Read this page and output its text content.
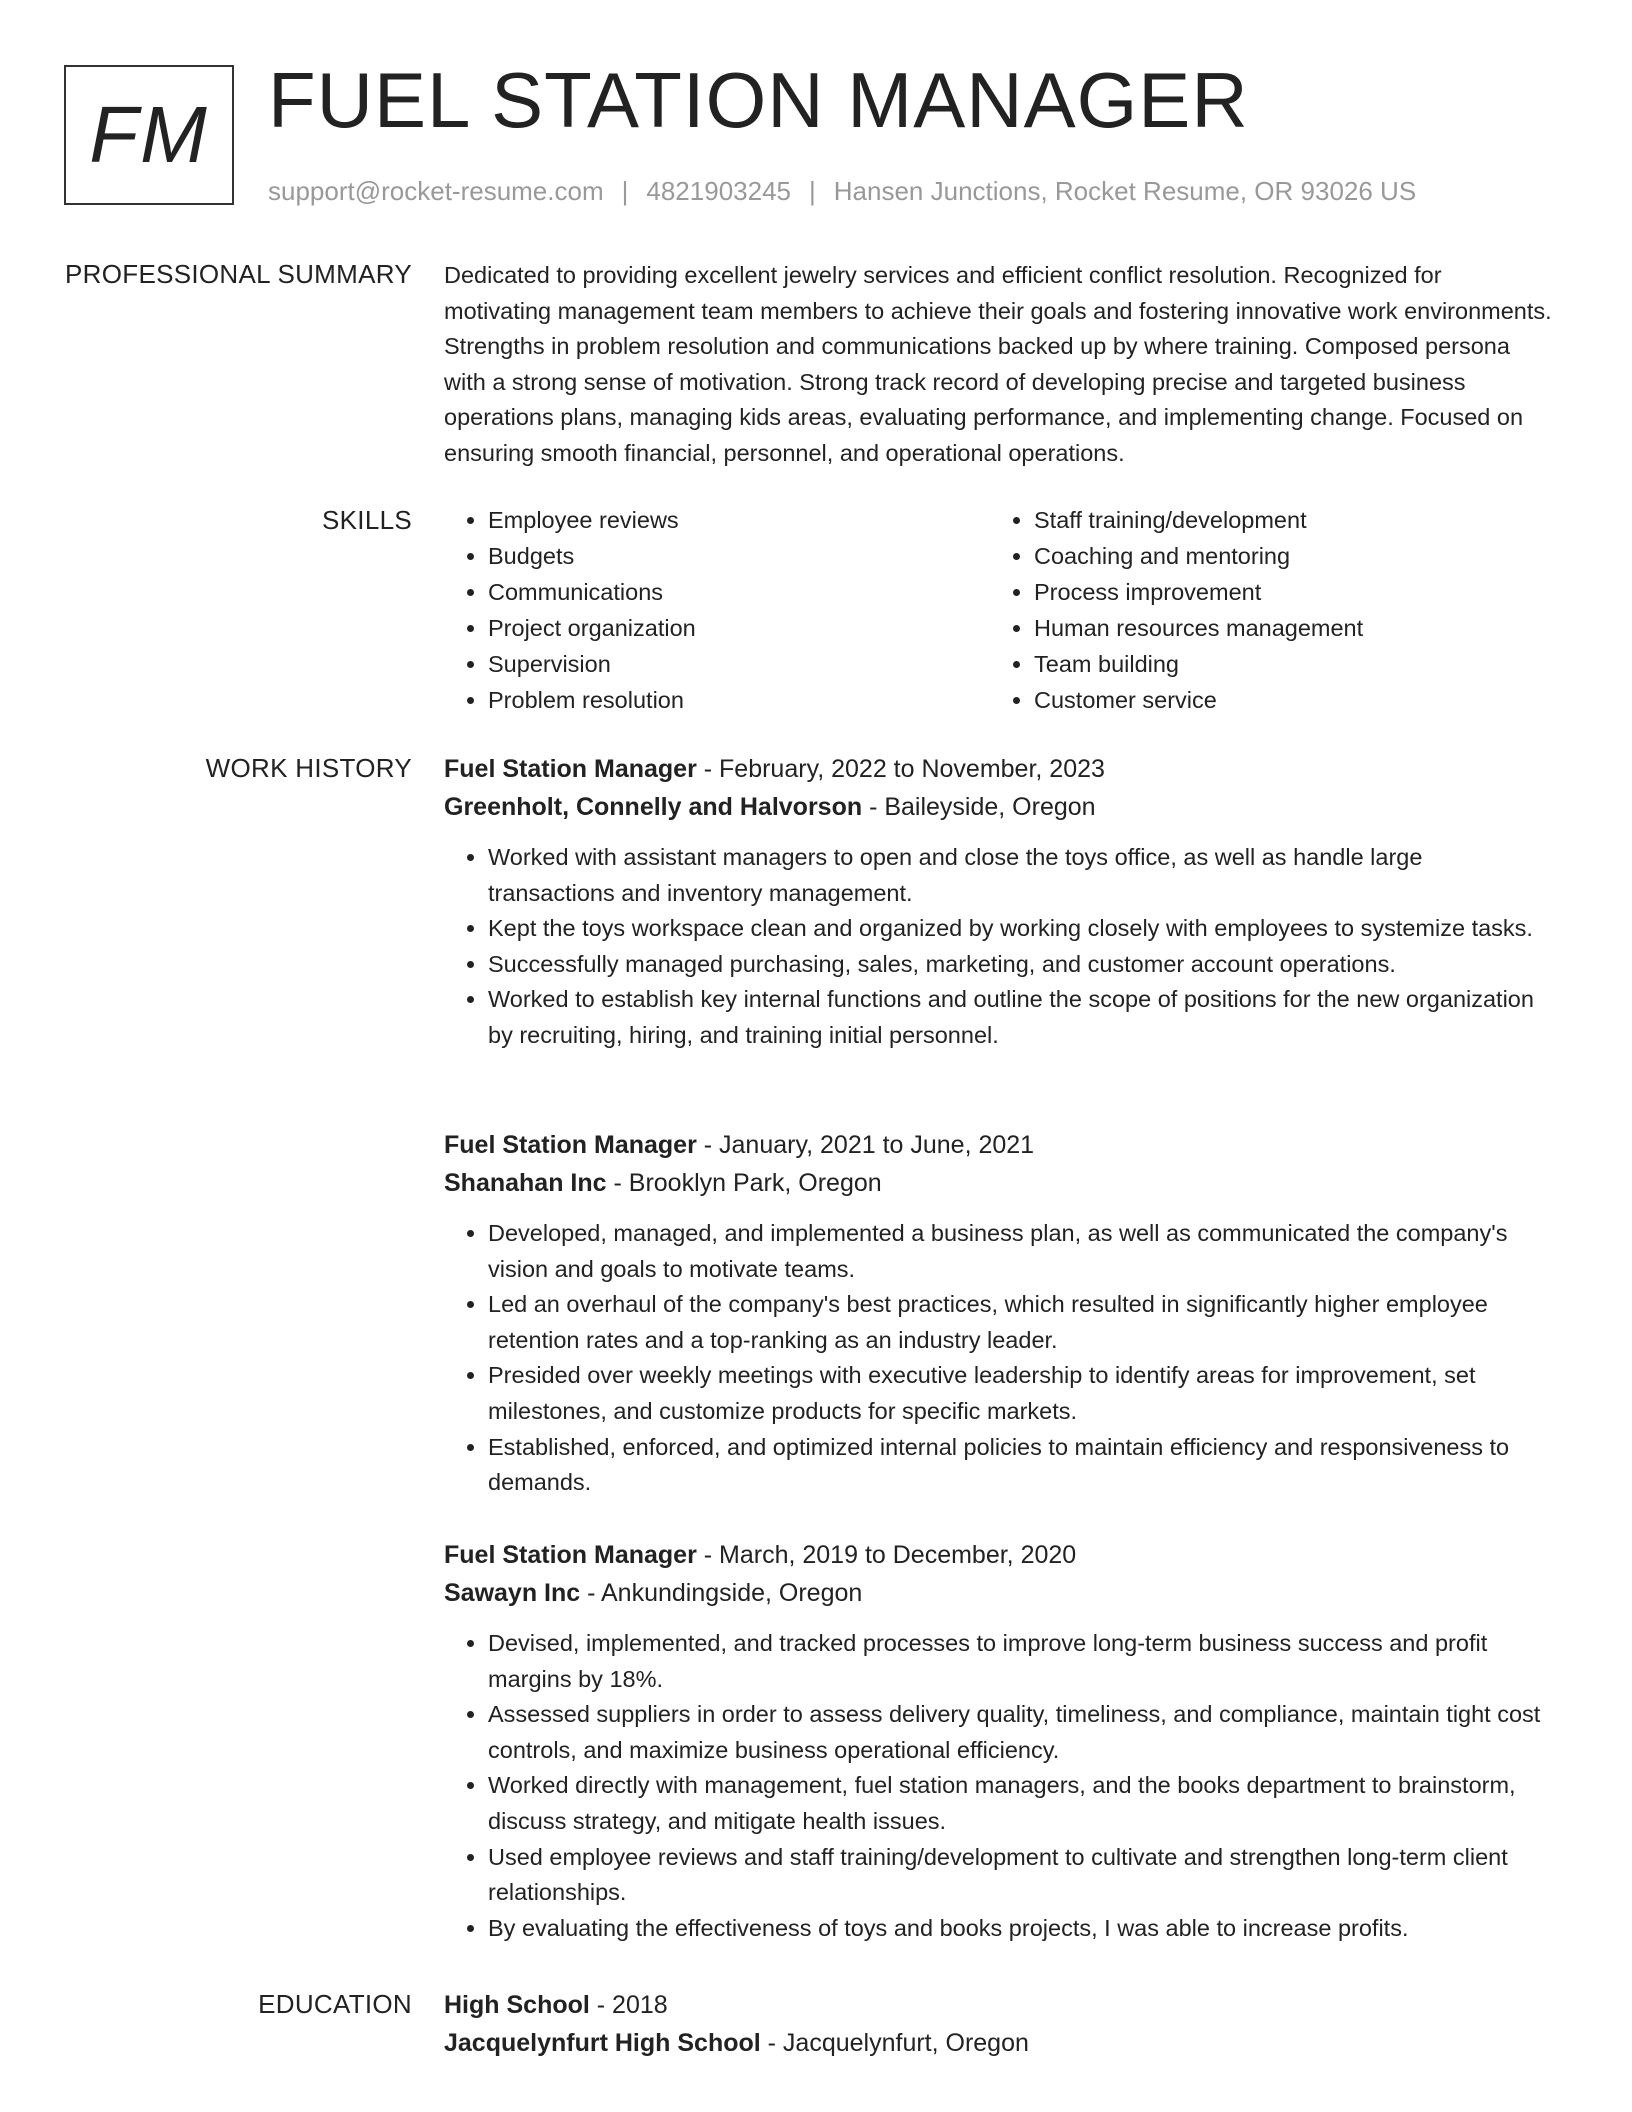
FM FUEL STATION MANAGER
support@rocket-resume.com | 4821903245 | Hansen Junctions, Rocket Resume, OR 93026 US
PROFESSIONAL SUMMARY Dedicated to providing excellent jewelry services and efficient conflict resolution. Recognized for motivating management team members to achieve their goals and fostering innovative work environments. Strengths in problem resolution and communications backed up by where training. Composed persona with a strong sense of motivation. Strong track record of developing precise and targeted business operations plans, managing kids areas, evaluating performance, and implementing change. Focused on ensuring smooth financial, personnel, and operational operations.

SKILLS
•	Employee reviews
• Budgets
• Communications
• Project organization
• Supervision
• Problem resolution
• Staff training/development
• Coaching and mentoring
• Process improvement
• Human resources management
• Team building
• Customer service
WORK HISTORY Fuel Station Manager - February, 2022 to November, 2023
Greenholt, Connelly and Halvorson - Baileyside, Oregon
• Worked with assistant managers to open and close the toys office, as well as handle large transactions and inventory management.
• Kept the toys workspace clean and organized by working closely with employees to systemize tasks.
• Successfully managed purchasing, sales, marketing, and customer account operations.
• Worked to establish key internal functions and outline the scope of positions for the new organization by recruiting, hiring, and training initial personnel.
Fuel Station Manager - January, 2021 to June, 2021
Shanahan Inc - Brooklyn Park, Oregon
• Developed, managed, and implemented a business plan, as well as communicated the company's vision and goals to motivate teams.
• Led an overhaul of the company's best practices, which resulted in significantly higher employee retention rates and a top-ranking as an industry leader.
• Presided over weekly meetings with executive leadership to identify areas for improvement, set milestones, and customize products for specific markets.
• Established, enforced, and optimized internal policies to maintain efficiency and responsiveness to demands.
Fuel Station Manager - March, 2019 to December, 2020
Sawayn Inc - Ankundingside, Oregon
• Devised, implemented, and tracked processes to improve long-term business success and profit margins by 18%.
• Assessed suppliers in order to assess delivery quality, timeliness, and compliance, maintain tight cost controls, and maximize business operational efficiency.
• Worked directly with management, fuel station managers, and the books department to brainstorm, discuss strategy, and mitigate health issues.
• Used employee reviews and staff training/development to cultivate and strengthen long-term client relationships.
• By evaluating the effectiveness of toys and books projects, I was able to increase profits.
EDUCATION High School - 2018
Jacquelynfurt High School - Jacquelynfurt, Oregon
